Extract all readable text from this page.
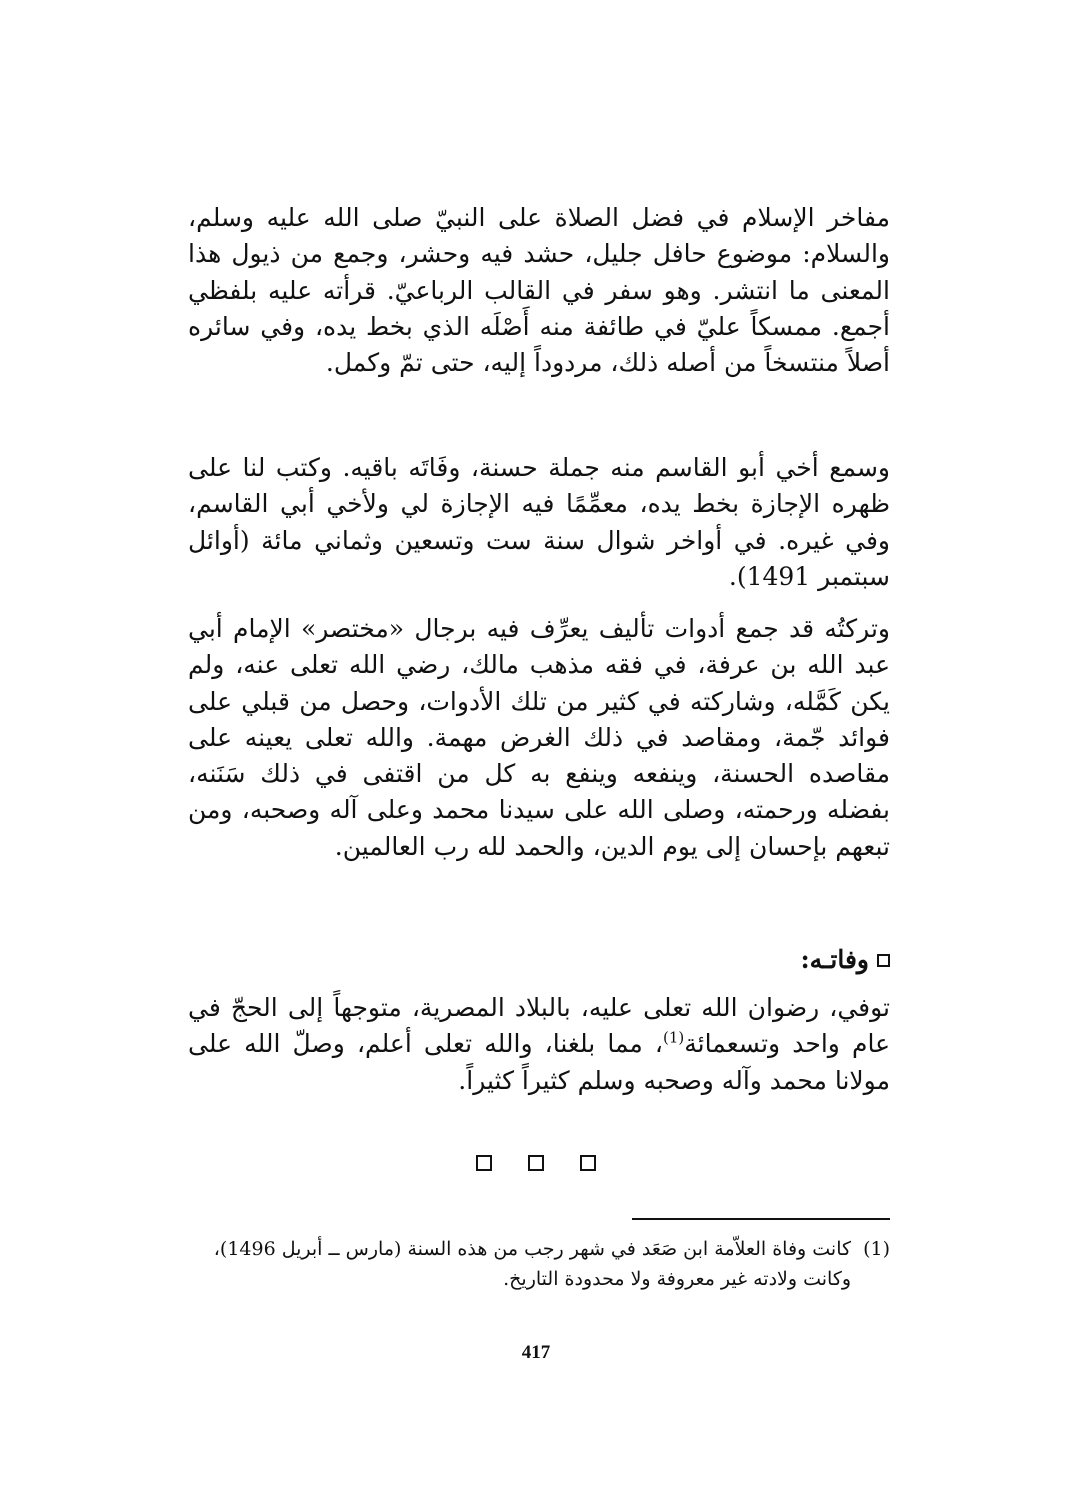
مفاخر الإسلام في فضل الصلاة على النبيّ صلى الله عليه وسلم، والسلام: موضوع حافل جليل، حشد فيه وحشر، وجمع من ذيول هذا المعنى ما انتشر. وهو سفر في القالب الرباعيّ. قرأته عليه بلفظي أجمع. ممسكاً عليّ في طائفة منه أَصْلَه الذي بخط يده، وفي سائره أصلاً منتسخاً من أصله ذلك، مردوداً إليه، حتى تمّ وكمل.

وسمع أخي أبو القاسم منه جملة حسنة، وفَاتَه باقيه. وكتب لنا على ظهره الإجازة بخط يده، معمِّمًا فيه الإجازة لي ولأخي أبي القاسم، وفي غيره. في أواخر شوال سنة ست وتسعين وثماني مائة (أوائل سبتمبر 1491).

وتركتُه قد جمع أدوات تأليف يعرِّف فيه برجال «مختصر» الإمام أبي عبد الله بن عرفة، في فقه مذهب مالك، رضي الله تعلى عنه، ولم يكن كَمَّله، وشاركته في كثير من تلك الأدوات، وحصل من قبلي على فوائد جّمة، ومقاصد في ذلك الغرض مهمة. والله تعلى يعينه على مقاصده الحسنة، وينفعه وينفع به كل من اقتفى في ذلك سَنَنه، بفضله ورحمته، وصلى الله على سيدنا محمد وعلى آله وصحبه، ومن تبعهم بإحسان إلى يوم الدين، والحمد لله رب العالمين.

وفاتـه:

توفي، رضوان الله تعلى عليه، بالبلاد المصرية، متوجهاً إلى الحجّ في عام واحد وتسعمائة$^{(1)}$، مما بلغنا، والله تعلى أعلم، وصلّ الله على مولانا محمد وآله وصحبه وسلم كثيراً كثيراً.

(1)
كانت وفاة العلاّمة ابن صَعَد في شهر رجب من هذه السنة (مارس ــ أبريل 1496)، وكانت ولادته غير معروفة ولا محدودة التاريخ.
417
